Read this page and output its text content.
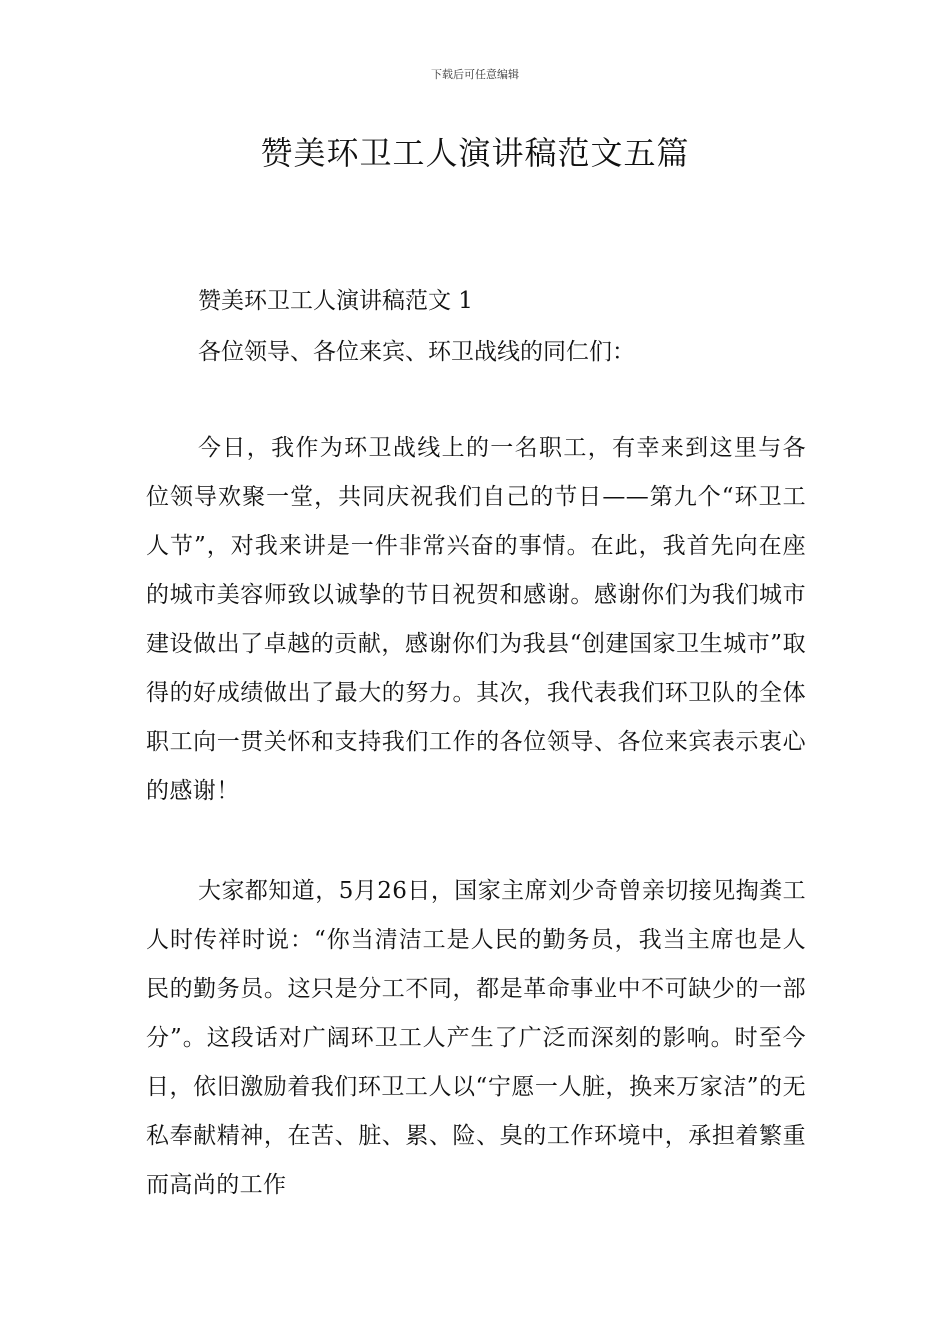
下载后可任意编辑
赞美环卫工人演讲稿范文五篇
赞美环卫工人演讲稿范文 1
各位领导、各位来宾、环卫战线的同仁们：

今日，我作为环卫战线上的一名职工，有幸来到这里与各位领导欢聚一堂，共同庆祝我们自己的节日——第九个“环卫工人节”，对我来讲是一件非常兴奋的事情。在此，我首先向在座的城市美容师致以诚挚的节日祝贺和感谢。感谢你们为我们城市建设做出了卓越的贡献，感谢你们为我县“创建国家卫生城市”取得的好成绩做出了最大的努力。其次，我代表我们环卫队的全体职工向一贯关怀和支持我们工作的各位领导、各位来宾表示衷心的感谢！

大家都知道，5月26日，国家主席刘少奇曾亲切接见掏粪工人时传祥时说：“你当清洁工是人民的勤务员，我当主席也是人民的勤务员。这只是分工不同，都是革命事业中不可缺少的一部分”。这段话对广阔环卫工人产生了广泛而深刻的影响。时至今日，依旧激励着我们环卫工人以“宁愿一人脏，换来万家洁”的无私奉献精神，在苦、脏、累、险、臭的工作环境中，承担着繁重而高尚的工作
